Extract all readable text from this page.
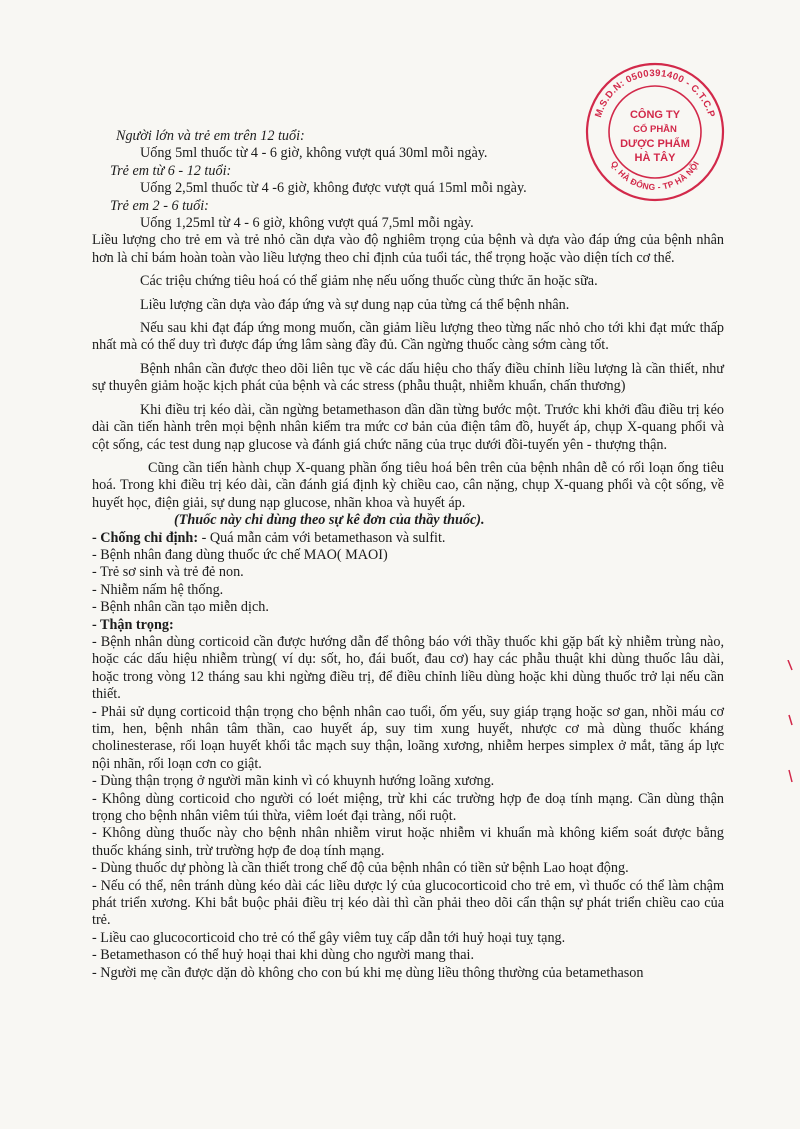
M.S.D.N: 0500391400 - C.T.C.P
Q. HÀ ĐÔNG - TP HÀ NỘI
CÔNG TY
CỔ PHẦN
DƯỢC PHẨM
HÀ TÂY

Người lớn và trẻ em trên 12 tuổi:

Uống 5ml thuốc từ 4 - 6 giờ, không vượt quá 30ml mỗi ngày.

Trẻ em từ 6 - 12 tuổi:

Uống 2,5ml thuốc từ 4 -6 giờ, không được vượt quá 15ml mỗi ngày.

Trẻ em 2 - 6 tuổi:

Uống 1,25ml từ 4 - 6 giờ, không vượt quá 7,5ml mỗi ngày.

Liều lượng cho trẻ em và trẻ nhỏ cần dựa vào độ nghiêm trọng của bệnh và dựa vào đáp ứng của bệnh nhân hơn là chỉ bám hoàn toàn vào liều lượng theo chỉ định của tuổi tác, thể trọng hoặc vào diện tích cơ thể.

Các triệu chứng tiêu hoá có thể giảm nhẹ nếu uống thuốc cùng thức ăn hoặc sữa.

Liều lượng cần dựa vào đáp ứng và sự dung nạp của từng cá thể bệnh nhân.

Nếu sau khi đạt đáp ứng mong muốn, cần giảm liều lượng theo từng nấc nhỏ cho tới khi đạt mức thấp nhất mà có thể duy trì được đáp ứng lâm sàng đầy đủ. Cần ngừng thuốc càng sớm càng tốt.

Bệnh nhân cần được theo dõi liên tục về các dấu hiệu cho thấy điều chỉnh liều lượng là cần thiết, như sự thuyên giảm hoặc kịch phát của bệnh và các stress (phẫu thuật, nhiễm khuẩn, chấn thương)

Khi điều trị kéo dài, cần ngừng betamethason dần dần từng bước một. Trước khi khởi đầu điều trị kéo dài cần tiến hành trên mọi bệnh nhân kiểm tra mức cơ bản của điện tâm đồ, huyết áp, chụp X-quang phổi và cột sống, các test dung nạp glucose và đánh giá chức năng của trục dưới đồi-tuyến yên - thượng thận.

Cũng cần tiến hành chụp X-quang phần ống tiêu hoá bên trên của bệnh nhân dễ có rối loạn ống tiêu hoá. Trong khi điều trị kéo dài, cần đánh giá định kỳ chiều cao, cân nặng, chụp X-quang phổi và cột sống, về huyết học, điện giải, sự dung nạp glucose, nhãn khoa và huyết áp.

(Thuốc này chỉ dùng theo sự kê đơn của thầy thuốc).

- Chống chỉ định: - Quá mẫn cảm với betamethason và sulfit.

- Bệnh nhân đang dùng thuốc ức chế MAO( MAOI)

- Trẻ sơ sinh và trẻ đẻ non.

- Nhiễm nấm hệ thống.

- Bệnh nhân cần tạo miễn dịch.

- Thận trọng:

- Bệnh nhân dùng corticoid cần được hướng dẫn để thông báo với thầy thuốc khi gặp bất kỳ nhiễm trùng nào, hoặc các dấu hiệu nhiễm trùng( ví dụ: sốt, ho, đái buốt, đau cơ) hay các phẫu thuật khi dùng thuốc lâu dài, hoặc trong vòng 12 tháng sau khi ngừng điều trị, để điều chỉnh liều dùng hoặc khi dùng thuốc trở lại nếu cần thiết.

- Phải sử dụng corticoid thận trọng cho bệnh nhân cao tuổi, ốm yếu, suy giáp trạng hoặc sơ gan, nhồi máu cơ tim, hen, bệnh nhân tâm thần, cao huyết áp, suy tim xung huyết, nhược cơ mà dùng thuốc kháng cholinesterase, rối loạn huyết khối tắc mạch suy thận, loãng xương, nhiễm herpes simplex ở mắt, tăng áp lực nội nhãn, rối loạn cơn co giật.

- Dùng thận trọng ở người mãn kinh vì có khuynh hướng loãng xương.

- Không dùng corticoid cho người có loét miệng, trừ khi các trường hợp đe doạ tính mạng. Cần dùng thận trọng cho bệnh nhân viêm túi thừa, viêm loét đại tràng, nối ruột.

- Không dùng thuốc này cho bệnh nhân nhiễm virut hoặc nhiễm vi khuẩn mà không kiểm soát được bằng thuốc kháng sinh, trừ trường hợp đe doạ tính mạng.

- Dùng thuốc dự phòng là cần thiết trong chế độ của bệnh nhân có tiền sử bệnh Lao hoạt động.

- Nếu có thể, nên tránh dùng kéo dài các liều dược lý của glucocorticoid cho trẻ em, vì thuốc có thể làm chậm phát triển xương. Khi bắt buộc phải điều trị kéo dài thì cần phải theo dõi cẩn thận sự phát triển chiều cao của trẻ.

- Liều cao glucocorticoid cho trẻ có thể gây viêm tuỵ cấp dẫn tới huỷ hoại tuỵ tạng.

- Betamethason có thể huỷ hoại thai khi dùng cho người mang thai.

- Người mẹ cần được dặn dò không cho con bú khi mẹ dùng liều thông thường của betamethason
